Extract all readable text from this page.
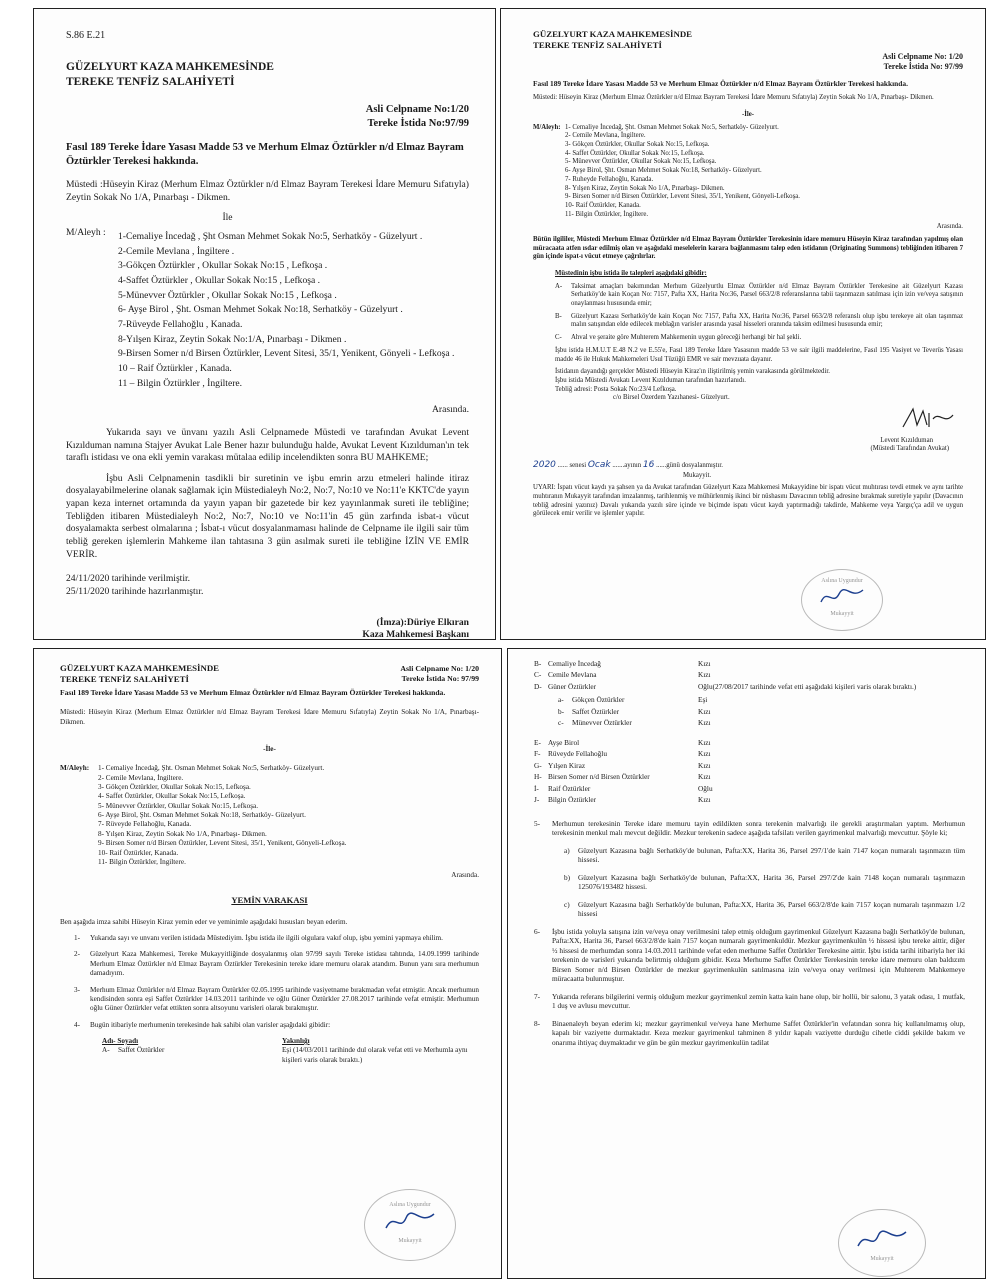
S.86 E.21
GÜZELYURT KAZA MAHKEMESİNDE
TEREKE TENFİZ SALAHİYETİ
Asli Celpname No:1/20
Tereke İstida No:97/99
Fasıl 189 Tereke İdare Yasası Madde 53 ve Merhum Elmaz Öztürkler n/d Elmaz Bayram Öztürkler Terekesi hakkında.
Müstedi :Hüseyin Kiraz (Merhum Elmaz Öztürkler n/d Elmaz Bayram Terekesi İdare Memuru Sıfatıyla) Zeytin Sokak No 1/A, Pınarbaşı - Dikmen.
İle
M/Aleyh :	1-Cemaliye İncedağ , Şht Osman Mehmet Sokak No:5, Serhatköy - Güzelyurt .
2-Cemile Mevlana , İngiltere .
3-Gökçen Öztürkler , Okullar Sokak No:15 , Lefkoşa .
4-Saffet Öztürkler , Okullar Sokak No:15 , Lefkoşa .
5-Münevver Öztürkler , Okullar Sokak No:15 , Lefkoşa .
6- Ayşe Birol , Şht. Osman Mehmet Sokak No:18, Serhatköy - Güzelyurt .
7-Rüveyde Fellahoğlu , Kanada.
8-Yılşen Kiraz, Zeytin Sokak No:1/A, Pınarbaşı - Dikmen .
9-Birsen Somer n/d Birsen Öztürkler, Levent Sitesi, 35/1, Yenikent, Gönyeli - Lefkoşa .
10 – Raif Öztürkler , Kanada.
11 – Bilgin Öztürkler , İngiltere.
Arasında.
Yukarıda sayı ve ünvanı yazılı Asli Celpnamede Müstedi ve tarafından Avukat Levent Kızılduman namına Stajyer Avukat Lale Bener hazır bulunduğu halde, Avukat Levent Kızılduman'ın tek taraflı istidası ve ona ekli yemin varakası mütalaa edilip incelendikten sonra BU MAHKEME;
İşbu Asli Celpnamenin tasdikli bir suretinin ve işbu emrin arzu etmeleri halinde itiraz dosyalayabilmelerine olanak sağlamak için Müstedialeyh No:2, No:7, No:10 ve No:11'e KKTC'de yayın yapan keza internet ortamında da yayın yapan bir gazetede bir kez yayınlanmak sureti ile tebliğine; Tebliğden itibaren Müstedialeyh No:2, No:7, No:10 ve No:11'in 45 gün zarfında isbat-ı vücut dosyalamakta serbest olmalarına ; İsbat-ı vücut dosyalanmaması halinde de Celpname ile ilgili sair tüm tebliğ gereken işlemlerin Mahkeme ilan tahtasına 3 gün asılmak sureti ile tebliğine İZİN VE EMİR VERİR.
24/11/2020 tarihinde verilmiştir.
25/11/2020 tarihinde hazırlanmıştır.
(İmza):Düriye Elkıran
Kaza Mahkemesi Başkanı
GÜZELYURT KAZA MAHKEMESİNDE
TEREKE TENFİZ SALAHİYETİ
Asli Celpname No: 1/20
Tereke İstida No: 97/99
Fasıl 189 Tereke İdare Yasası Madde 53 ve Merhum Elmaz Öztürkler n/d Elmaz Bayram Öztürkler Terekesi hakkında.
Müstedi: Hüseyin Kiraz (Merhum Elmaz Öztürkler n/d Elmaz Bayram Terekesi İdare Memuru Sıfatıyla) Zeytin Sokak No 1/A, Pınarbaşı- Dikmen.
-İle-
M/Aleyh: 1- Cemaliye İncedağ, Şht. Osman Mehmet Sokak No:5, Serhatköy- Güzelyurt.
2- Cemile Mevlana, İngiltere.
3- Gökçen Öztürkler, Okullar Sokak No:15, Lefkoşa.
4- Saffet Öztürkler, Okullar Sokak No:15, Lefkoşa.
5- Münevver Öztürkler, Okullar Sokak No:15, Lefkoşa.
6- Ayşe Birol, Şht. Osman Mehmet Sokak No:18, Serhatköy- Güzelyurt.
7- Ruheyde Fellahoğlu, Kanada.
8- Yılşen Kiraz, Zeytin Sokak No 1/A, Pınarbaşı- Dikmen.
9- Birsen Somer n/d Birsen Öztürkler, Levent Sitesi, 35/1, Yenikent, Gönyeli-Lefkoşa.
10- Raif Öztürkler, Kanada.
11- Bilgin Öztürkler, İngiltere.
Arasında.
Bütün ilgililer, Müstedi Merhum Elmaz Öztürkler n/d Elmaz Bayram Öztürkler Terekesinin idare memuru Hüseyin Kiraz tarafından yapılmış olan müracaata atfen ısdar edilmiş olan ve aşağıdaki meselelerin karara bağlanmasını talep eden istidanın (Originating Summons) tebliğinden itibaren 7 gün içinde ispat-ı vücut etmeye çağrılırlar.
Müstedinin işbu istida ile talepleri aşağıdaki gibidir:
A-	Taksimat amaçları bakımından Merhum Güzelyurtlu Elmaz Öztürkler n/d Elmaz Bayram Öztürkler Terekesine ait Güzelyurt Kazası Serhatköy'de kain Koçan No: 7157, Pafta XX, Harita No:36, Parsel 663/2/8 referanslarına tabii taşınmazın satılması için izin ve/veya satışının onaylanması hususunda emir;
B-	Güzelyurt Kazası Serhatköy'de kain Koçan No: 7157, Pafta XX, Harita No:36, Parsel 663/2/8 referanslı olup işbu terekeye ait olan taşınmaz malın satışından elde edilecek meblağın varisler arasında yasal hisseleri oranında taksim edilmesi hususunda emir;
C-	Ahval ve şeraite göre Muhterem Mahkemenin uygun göreceği herhangi bir hal şekli.
İşbu istida H.M.U.T E.48 N.2 ve E.55'e, Fasıl 189 Tereke İdare Yasasının madde 53 ve sair ilgili maddelerine, Fasıl 195 Vasiyet ve Teverüs Yasası madde 46 ile Hukuk Mahkemeleri Usul Tüzüğü EMR ve sair mevzuata dayanır.
İstidanın dayandığı gerçekler Müstedi Hüseyin Kiraz'ın iliştirilmiş yemin varakasında görülmektedir.
İşbu istida Müstedi Avukatı Levent Kızılduman tarafından hazırlanıdı.
Tebliğ adresi: Posta Sokak No:23/4 Lefkoşa.
c/o Birsel Özerdem Yazıhanesi- Güzelyurt.
Levent Kızılduman
(Müstedi Tarafından Avukat)
2020 ...... senesi Ocak .......ayının 16 ......günü dosyalanmıştır.
Mukayyit.
UYARI: İspatı vücut kaydı ya şahsen ya da Avukat tarafından Güzelyurt Kaza Mahkemesi Mukayyidine bir ispatı vücut muhtırası tevdi etmek ve aynı tarihte muhtıranın Mukayyit tarafından imzalanmış, tarihlenmiş ve mühürlenmiş ikinci bir nüshasını Davacının tebliğ adresine bırakmak suretiyle yapılır (Davacının tebliğ adresini yazınız) Davalı yukarıda yazılı süre içinde ve biçimde ispatı vücut kaydı yaptırmadığı takdirde, Mahkeme veya Yargıç'ça adil ve uygun görülecek emir verilir ve işlemler yapılır.
Aslına Uygundur
Mukayyit
GÜZELYURT KAZA MAHKEMESİNDE
TEREKE TENFİZ SALAHİYETİ
Asli Celpname No: 1/20
Tereke İstida No: 97/99
Fasıl 189 Tereke İdare Yasası Madde 53 ve Merhum Elmaz Öztürkler n/d Elmaz Bayram Öztürkler Terekesi hakkında.
Müstedi: Hüseyin Kiraz (Merhum Elmaz Öztürkler n/d Elmaz Bayram Terekesi İdare Memuru Sıfatıyla) Zeytin Sokak No 1/A, Pınarbaşı- Dikmen.
-İle-
M/Aleyh:	1- Cemaliye İncedağ, Şht. Osman Mehmet Sokak No:5, Serhatköy- Güzelyurt.
2- Cemile Mevlana, İngiltere.
3- Gökçen Öztürkler, Okullar Sokak No:15, Lefkoşa.
4- Saffet Öztürkler, Okullar Sokak No:15, Lefkoşa.
5- Münevver Öztürkler, Okullar Sokak No:15, Lefkoşa.
6- Ayşe Birol, Şht. Osman Mehmet Sokak No:18, Serhatköy- Güzelyurt.
7- Rüveyde Fellahoğlu, Kanada.
8- Yılşen Kiraz, Zeytin Sokak No 1/A, Pınarbaşı- Dikmen.
9- Birsen Somer n/d Birsen Öztürkler, Levent Sitesi, 35/1, Yenikent, Gönyeli-Lefkoşa.
10- Raif Öztürkler, Kanada.
11- Bilgin Öztürkler, İngiltere.
Arasında.
YEMİN VARAKASI
Ben aşağıda imza sahibi Hüseyin Kiraz yemin eder ve yeminimle aşağıdaki hususları beyan ederim.
1-	Yukarıda sayı ve unvanı verilen istidada Müstediyim. İşbu istida ile ilgili olgulara vakıf olup, işbu yemini yapmaya ehilim.
2-	Güzelyurt Kaza Mahkemesi, Tereke Mukayyitliğinde dosyalanmış olan 97/99 sayılı Tereke istidası tahtında, 14.09.1999 tarihinde Merhum Elmaz Öztürkler n/d Elmaz Bayram Öztürkler Terekesinin tereke idare memuru olarak atandım. Bunun yanı sıra merhumun damadıyım.
3-	Merhum Elmaz Öztürkler n/d Elmaz Bayram Öztürkler 02.05.1995 tarihinde vasiyetname bırakmadan vefat etmiştir. Ancak merhumun kendisinden sonra eşi Saffet Öztürkler 14.03.2011 tarihinde ve oğlu Güner Öztürkler 27.08.2017 tarihinde vefat etmiştir. Merhumun oğlu Güner Öztürkler vefat ettikten sonra altsoyunu varisleri olarak bırakmıştır.
4-	Bugün itibariyle merhumenin terekesinde hak sahibi olan varisler aşağıdaki gibidir:
Adı- Soyadı	Yakınlığı
A-	Saffet Öztürkler	Eşi (14/03/2011 tarihinde dul olarak vefat etti ve Merhumla aynı kişileri varis olarak bıraktı.)
Aslına Uygundur
Mukayyit
B- Cemaliye İncedağ	Kızı
C- Cemile Mevlana	Kızı
D- Güner Öztürkler	Oğlu(27/08/2017 tarihinde vefat etti aşağıdaki kişileri varis olarak bıraktı.)
a-	Gökçen Öztürkler	Eşi
b-	Saffet Öztürkler	Kızı
c-	Münevver Öztürkler	Kızı
E- Ayşe Birol	Kızı
F-	Rüveyde Fellahoğlu	Kızı
G- Yılşen Kiraz	Kızı
H- Birsen Somer n/d Birsen Öztürkler	Kızı
İ-	Raif Öztürkler	Oğlu
J-	Bilgin Öztürkler	Kızı
5-	Merhumun terekesinin Tereke idare memuru tayin edildikten sonra terekenin malvarlığı ile gerekli araştırmaları yaptım. Merhumun terekesinin menkul malı mevcut değildir. Mezkur terekenin sadece aşağıda tafsilatı verilen gayrimenkul malvarlığı mevcuttur. Şöyle ki;
a)	Güzelyurt Kazasına bağlı Serhatköy'de bulunan, Pafta:XX, Harita 36, Parsel 297/1'de kain 7147 koçan numaralı taşınmazın tüm hissesi.
b)	Güzelyurt Kazasına bağlı Serhatköy'de bulunan, Pafta:XX, Harita 36, Parsel 297/2'de kain 7148 koçan numaralı taşınmazın 125076/193482 hissesi.
c)	Güzelyurt Kazasına bağlı Serhatköy'de bulunan, Pafta:XX, Harita 36, Parsel 663/2/8'de kain 7157 koçan numaralı taşınmazın 1/2 hissesi
6-	İşbu istida yoluyla satışına izin ve/veya onay verilmesini talep etmiş olduğum gayrimenkul Güzelyurt Kazasına bağlı Serhatköy'de bulunan, Pafta:XX, Harita 36, Parsel 663/2/8'de kain 7157 koçan numaralı gayrimenkuldür. Mezkur gayrimenkulün ½ hissesi işbu tereke aittir, diğer ½ hissesi de merhumdan sonra 14.03.2011 tarihinde vefat eden merhume Saffet Öztürkler Terekesine aittir. İşbu istida tarihi itibariyla her iki terekenin de varisleri yukarıda belirtmiş olduğum gibidir. Keza Merhume Saffet Öztürkler Terekesinin tereke idare memuru olan baldızım Birsen Somer n/d Birsen Öztürkler de mezkur gayrimenkulün satılmasına izin ve/veya onay verilmesi için Muhterem Mahkemeye müracaatta bulunmuştur.
7-	Yukarıda referans bilgilerini vermiş olduğum mezkur gayrimenkul zemin katta kain hane olup, bir hollü, bir salonu, 3 yatak odası, 1 mutfak, 1 duş ve avlusu mevcuttur.
8-	Binaenaleyh beyan ederim ki; mezkur gayrimenkul ve/veya hane Merhume Saffet Öztürkler'in vefatından sonra hiç kullanılmamış olup, kapalı bir vaziyette durmaktadır. Keza mezkur gayrimenkul tahminen 8 yıldır kapalı vaziyette durduğu cihetle ciddi şekilde bakım ve onarıma ihtiyaç duymaktadır ve gün be gün mezkur gayrimenkulün tadilat
Mukayyit
